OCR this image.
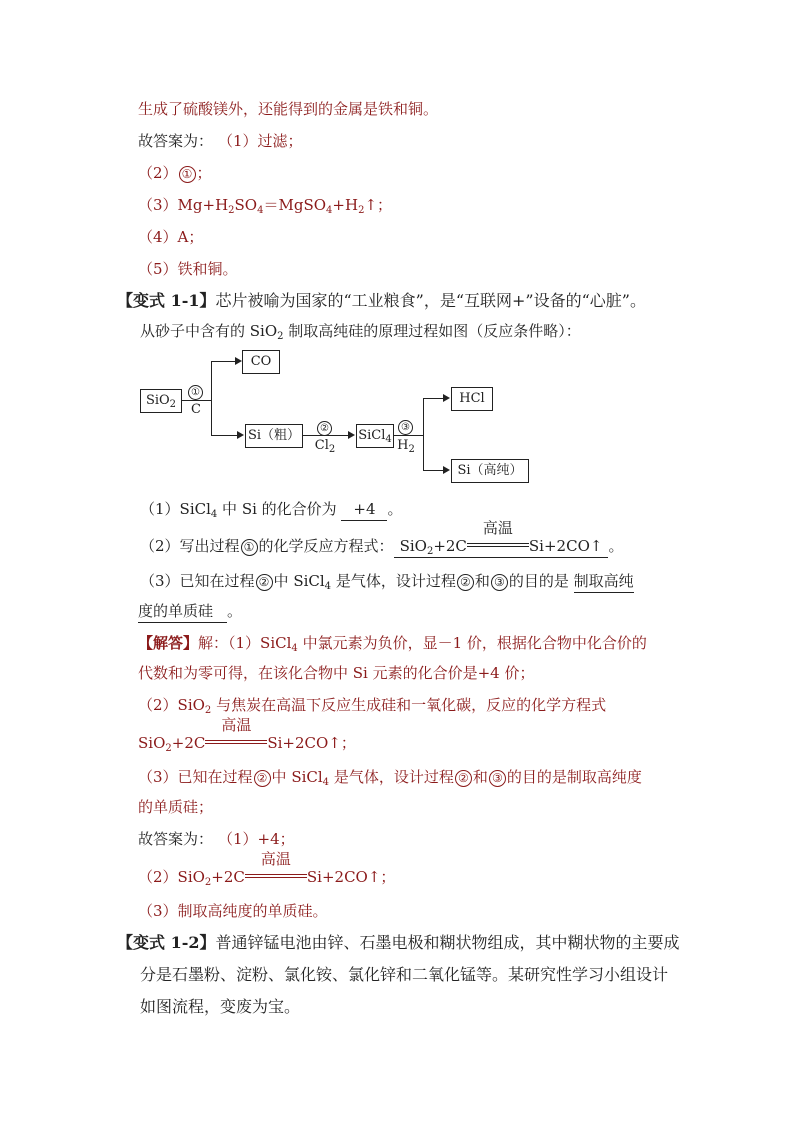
生成了硫酸镁外，还能得到的金属是铁和铜。
故答案为： （1）过滤；
（2） ① ；
$(3)Mg+H_2SO_4=MgSO_4+H_2↑$；
（4）A；
（5）铁和铜。
【变式 1-1】芯片被喻为国家的“工业粮食”，是“互联网+”设备的“心脏”。
从砂子中含有的 SiO$_2$ 制取高纯硅的原理过程如图（反应条件略）：
SiO$_2$
①
C
CO
Si（粗）	②
$Cl_2$
SiCl$_4$
③
$H_2$
HCl
Si（高纯）
（1）SiCl$_4$ 中 Si 的化合价为 +4 。
（2）写出过程 ① 的化学反应方程式： SiO$_2$+2C
高温
Si+2CO↑ 。
（3）已知在过程 ② 中 SiCl$_4$ 是气体，设计过程 ② 和 ③ 的目的是 制取高纯
度的单质硅 。
【解答】解：（1）SiCl$_4$ 中氯元素为负价，显－1 价，根据化合物中化合价的
代数和为零可得，在该化合物中 Si 元素的化合价是+4 价；
（2）SiO$_2$ 与焦炭在高温下反应生成硅和一氧化碳，反应的化学方程式
SiO$_2$+2C
高温
Si+2CO↑；
（3）已知在过程 ② 中 SiCl$_4$ 是气体，设计过程 ② 和 ③ 的目的是制取高纯度
的单质硅；
故答案为： （1）+4；
（2）SiO$_2$+2C
高温
Si+2CO↑；
（3）制取高纯度的单质硅。
【变式 1-2】普通锌锰电池由锌、石墨电极和糊状物组成，其中糊状物的主要成
分是石墨粉、淀粉、氯化铵、氯化锌和二氧化锰等。某研究性学习小组设计
如图流程，变废为宝。
